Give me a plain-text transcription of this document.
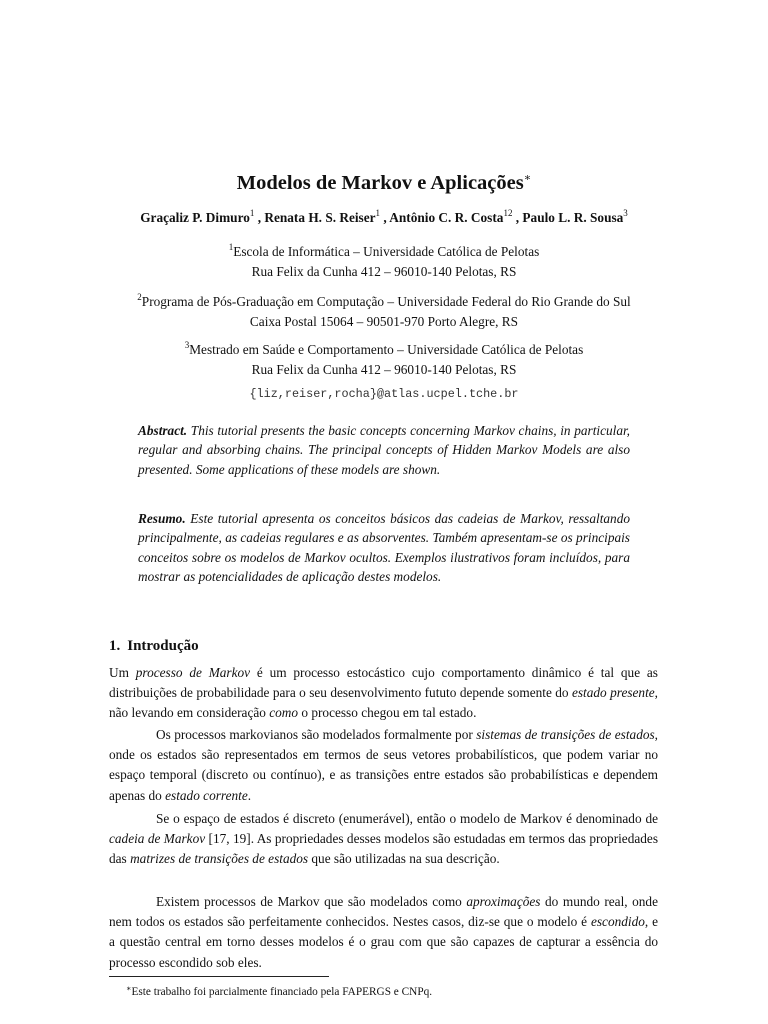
Modelos de Markov e Aplicações∗
Graçaliz P. Dimuro$^1$ , Renata H. S. Reiser$^1$ , Antônio C. R. Costa$^{12}$ , Paulo L. R. Sousa$^3$
$^1$Escola de Informática – Universidade Católica de Pelotas
Rua Felix da Cunha 412 – 96010-140 Pelotas, RS
$^2$Programa de Pós-Graduação em Computação – Universidade Federal do Rio Grande do Sul
Caixa Postal 15064 – 90501-970 Porto Alegre, RS
$^3$Mestrado em Saúde e Comportamento – Universidade Católica de Pelotas
Rua Felix da Cunha 412 – 96010-140 Pelotas, RS
{liz,reiser,rocha}@atlas.ucpel.tche.br
Abstract. This tutorial presents the basic concepts concerning Markov chains, in particular, regular and absorbing chains. The principal concepts of Hidden Markov Models are also presented. Some applications of these models are shown.
Resumo. Este tutorial apresenta os conceitos básicos das cadeias de Markov, ressaltando principalmente, as cadeias regulares e as absorventes. Também apresentam-se os principais conceitos sobre os modelos de Markov ocultos. Exemplos ilustrativos foram incluídos, para mostrar as potencialidades de aplicação destes modelos.
1. Introdução
Um processo de Markov é um processo estocástico cujo comportamento dinâmico é tal que as distribuições de probabilidade para o seu desenvolvimento fututo depende somente do estado presente, não levando em consideração como o processo chegou em tal estado.
Os processos markovianos são modelados formalmente por sistemas de transições de estados, onde os estados são representados em termos de seus vetores probabilísticos, que podem variar no espaço temporal (discreto ou contínuo), e as transições entre estados são probabilísticas e dependem apenas do estado corrente.
Se o espaço de estados é discreto (enumerável), então o modelo de Markov é denominado de cadeia de Markov [17, 19]. As propriedades desses modelos são estudadas em termos das propriedades das matrizes de transições de estados que são utilizadas na sua descrição.
Existem processos de Markov que são modelados como aproximações do mundo real, onde nem todos os estados são perfeitamente conhecidos. Nestes casos, diz-se que o modelo é escondido, e a questão central em torno desses modelos é o grau com que são capazes de capturar a essência do processo escondido sob eles.
∗Este trabalho foi parcialmente financiado pela FAPERGS e CNPq.
